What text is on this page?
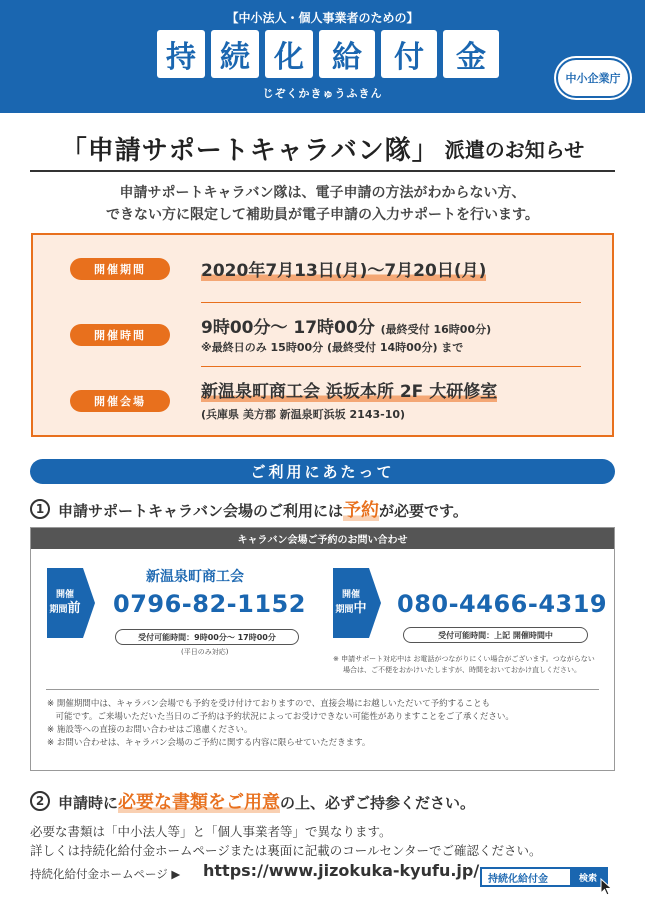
【中小法人・個人事業者のための】
持 続 化 給	付	金
じぞくかきゅうふきん
中小企業庁
「申請サポートキャラバン隊」 派遣のお知らせ
申請サポートキャラバン隊は、電子申請の方法がわからない方、
できない方に限定して補助員が電子申請の入力サポートを行います。
開催期間	2020年7月13日(月)〜7月20日(月)
開催時間	9時00分〜 17時00分 (最終受付 16時00分)
※最終日のみ 15時00分 (最終受付 14時00分) まで
開催会場	新温泉町商工会 浜坂本所 2F 大研修室
(兵庫県 美方郡 新温泉町浜坂 2143-10)
ご利用にあたって
1 申請サポートキャラバン会場のご利用には予約が必要です。
キャラバン会場ご予約のお問い合わせ
開催
期間前
新温泉町商工会
0796-82-1152
受付可能時間：9時00分〜 17時00分
(平日のみ対応)
開催
期間中 080-4466-4319
受付可能時間：上記 開催時間中
※ 申請サポート対応中は お電話がつながりにくい場合がございます。つながらない
場合は、ご不便をおかけいたしますが、時間をおいておかけ直しください。
※ 開催期間中は、キャラバン会場でも予約を受け付けておりますので、直接会場にお越しいただいて予約することも
　可能です。ご来場いただいた当日のご予約は予約状況によってお受けできない可能性がありますことをご了承ください。
※ 施設等への直接のお問い合わせはご遠慮ください。
※ お問い合わせは、キャラバン会場のご予約に関する内容に限らせていただきます。
2 申請時に必要な書類をご用意の上、必ずご持参ください。
必要な書類は「中小法人等」と「個人事業者等」で異なります。
詳しくは持続化給付金ホームページまたは裏面に記載のコールセンターでご確認ください。
持続化給付金ホームページ ▶ https://www.jizokuka-kyufu.jp/ 持続化給付金	検索
